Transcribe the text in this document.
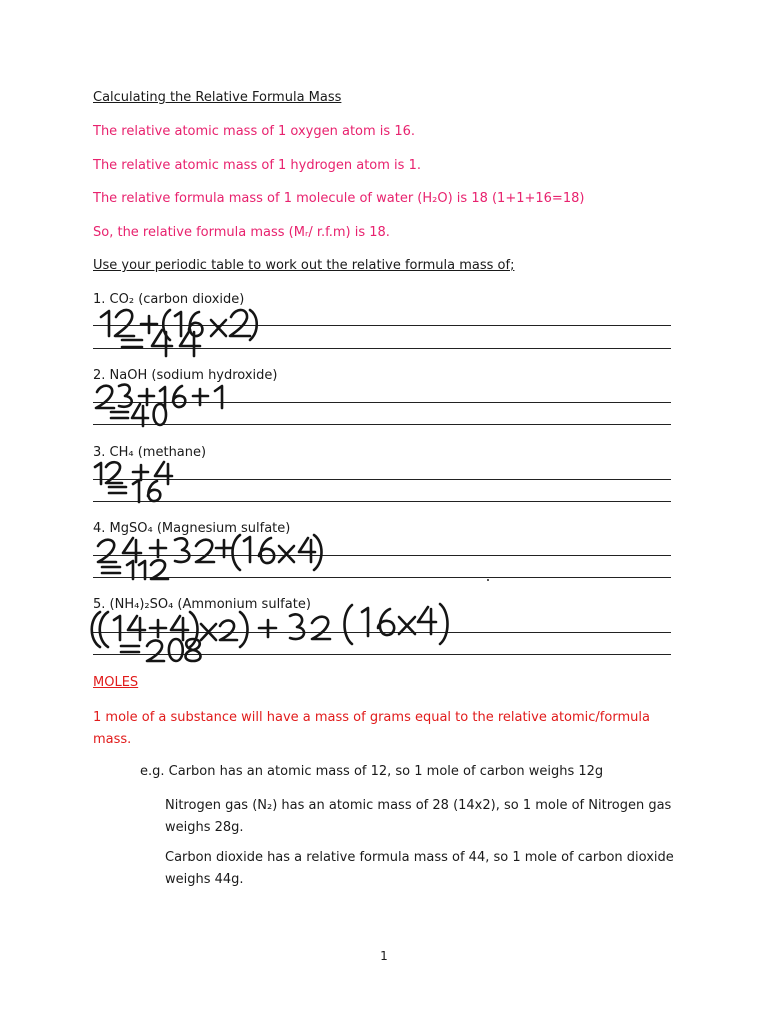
Calculating the Relative Formula Mass
The relative atomic mass of 1 oxygen atom is 16.
The relative atomic mass of 1 hydrogen atom is 1.
The relative formula mass of 1 molecule of water (H₂O) is 18 (1+1+16=18)
So, the relative formula mass (Mᵣ/ r.f.m) is 18.
Use your periodic table to work out the relative formula mass of;
1. CO₂ (carbon dioxide)
2. NaOH (sodium hydroxide)
3. CH₄ (methane)
4. MgSO₄ (Magnesium sulfate)
5. (NH₄)₂SO₄ (Ammonium sulfate)
MOLES
1 mole of a substance will have a mass of grams equal to the relative atomic/formula mass.
e.g. Carbon has an atomic mass of 12, so 1 mole of carbon weighs 12g
Nitrogen gas (N₂) has an atomic mass of 28 (14x2), so 1 mole of Nitrogen gas weighs 28g.
Carbon dioxide has a relative formula mass of 44, so 1 mole of carbon dioxide weighs 44g.
1
